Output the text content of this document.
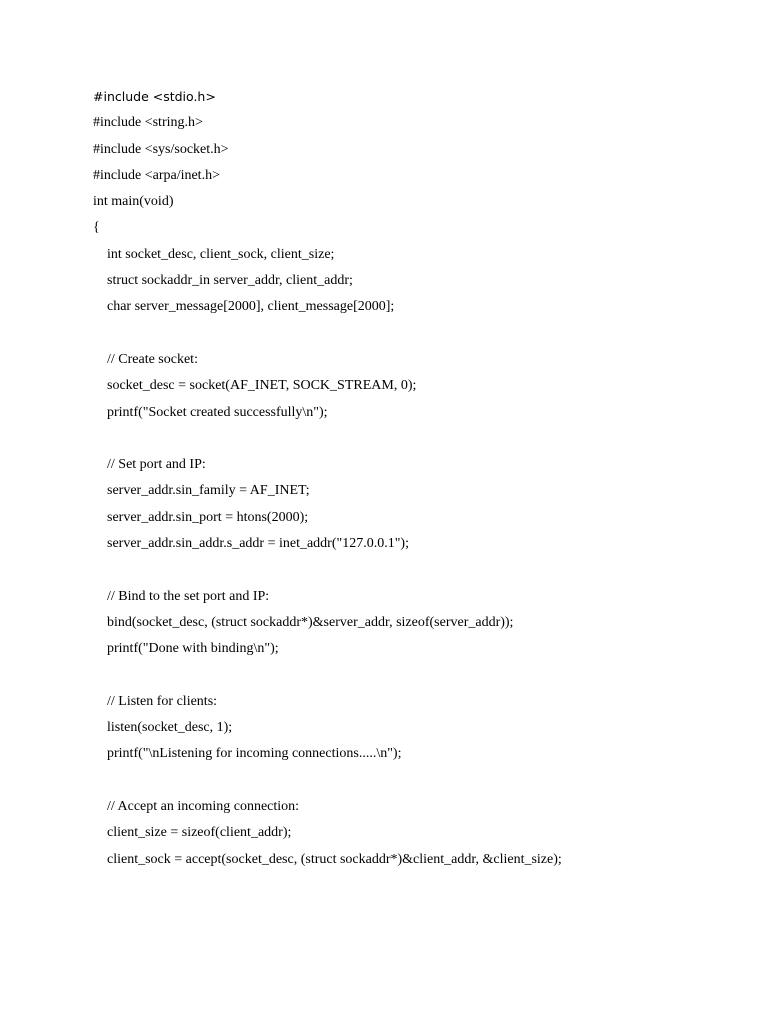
#include <stdio.h>
#include <string.h>
#include <sys/socket.h>
#include <arpa/inet.h>
int main(void)
{
int socket_desc, client_sock, client_size;
struct sockaddr_in server_addr, client_addr;
char server_message[2000], client_message[2000];
// Create socket:
socket_desc = socket(AF_INET, SOCK_STREAM, 0);
printf("Socket created successfully\n");
// Set port and IP:
server_addr.sin_family = AF_INET;
server_addr.sin_port = htons(2000);
server_addr.sin_addr.s_addr = inet_addr("127.0.0.1");
// Bind to the set port and IP:
bind(socket_desc, (struct sockaddr*)&server_addr, sizeof(server_addr));
printf("Done with binding\n");
// Listen for clients:
listen(socket_desc, 1);
printf("\nListening for incoming connections.....\n");
// Accept an incoming connection:
client_size = sizeof(client_addr);
client_sock = accept(socket_desc, (struct sockaddr*)&client_addr, &client_size);
